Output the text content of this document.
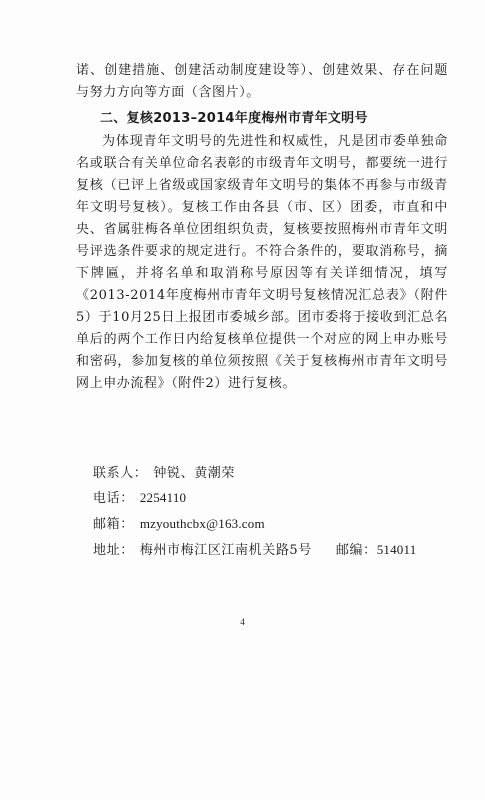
诺、创建措施、创建活动制度建设等）、创建效果、存在问题与努力方向等方面（含图片）。
二、复核2013–2014年度梅州市青年文明号
为体现青年文明号的先进性和权威性，凡是团市委单独命名或联合有关单位命名表彰的市级青年文明号，都要统一进行复核（已评上省级或国家级青年文明号的集体不再参与市级青年文明号复核）。复核工作由各县（市、区）团委，市直和中央、省属驻梅各单位团组织负责，复核要按照梅州市青年文明号评选条件要求的规定进行。不符合条件的，要取消称号，摘下牌匾，并将名单和取消称号原因等有关详细情况，填写《2013-2014年度梅州市青年文明号复核情况汇总表》（附件5）于10月25日上报团市委城乡部。团市委将于接收到汇总名单后的两个工作日内给复核单位提供一个对应的网上申办账号和密码，参加复核的单位须按照《关于复核梅州市青年文明号网上申办流程》（附件2）进行复核。
联系人： 钟锐、黄潮荣
电话： 2254110
邮箱： mzyouthcbx@163.com
地址： 梅州市梅江区江南机关路5号 邮编：514011
4
